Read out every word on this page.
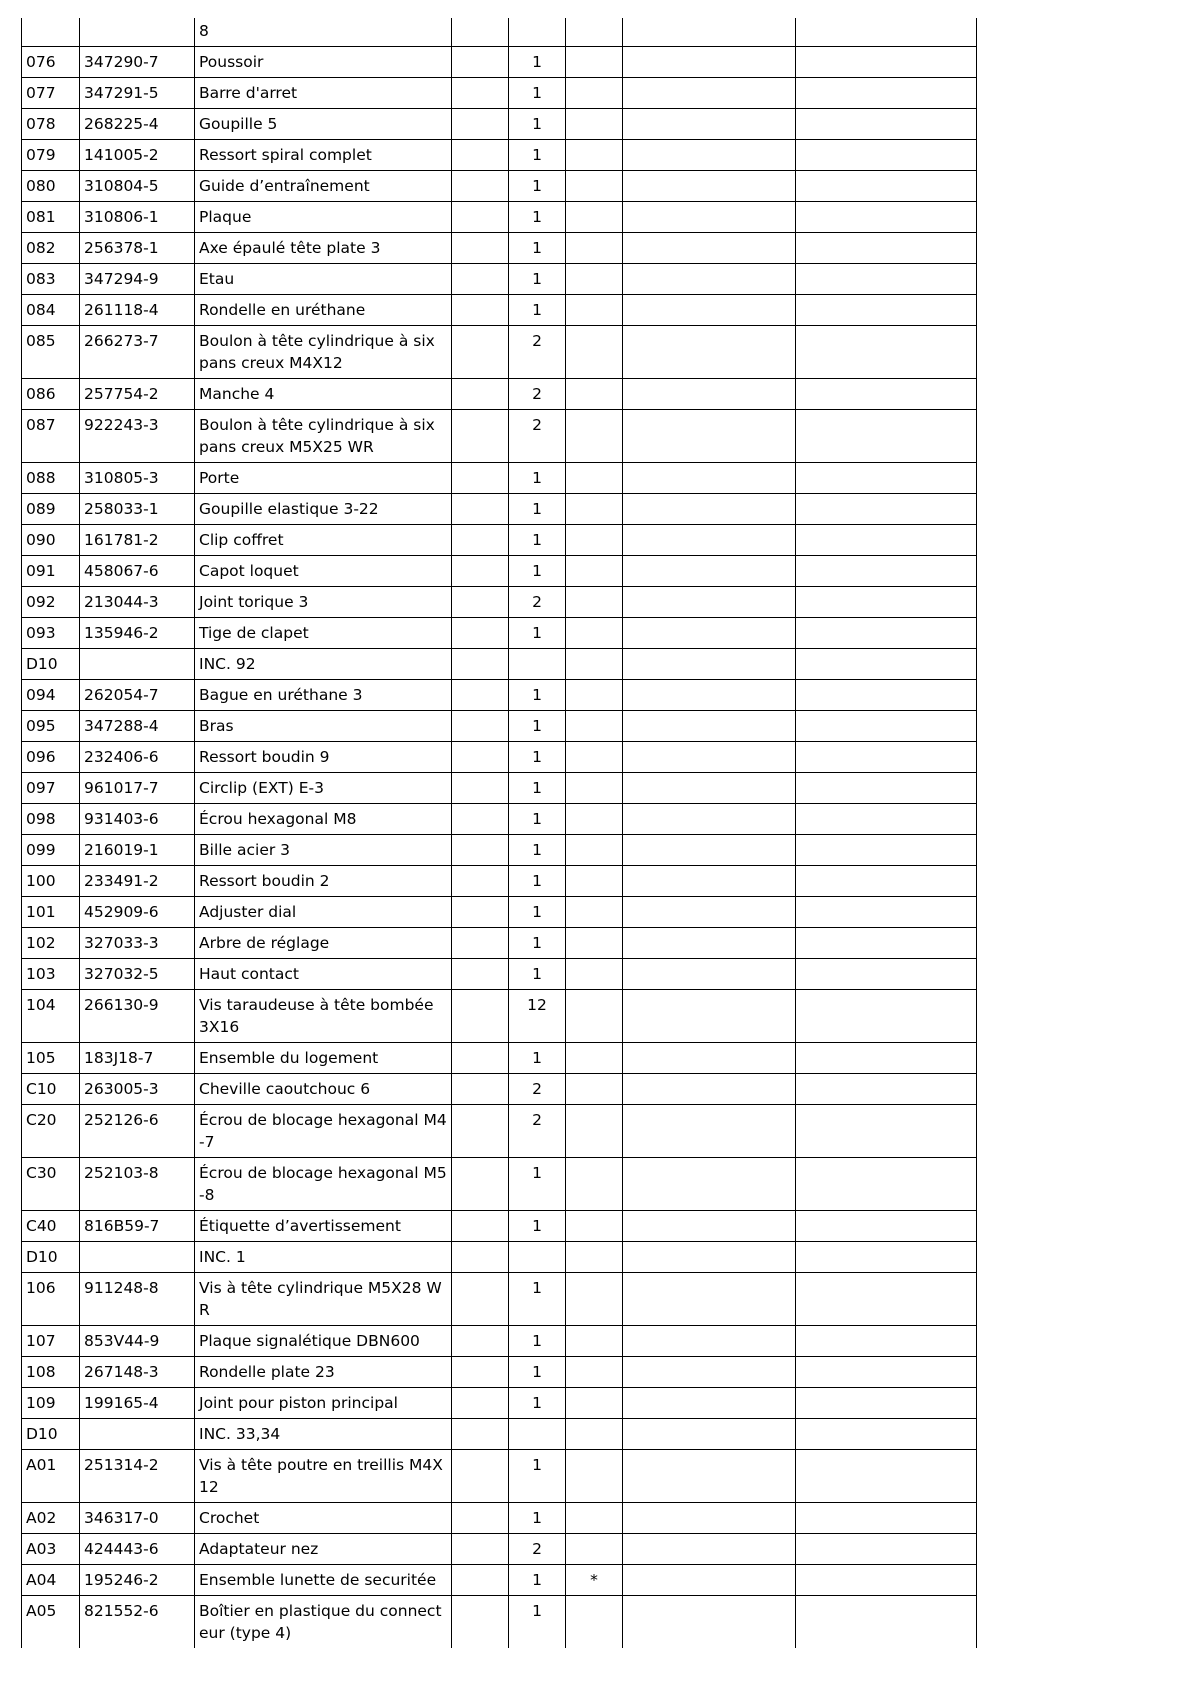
		8					
076	347290-7	Poussoir		1			
077	347291-5	Barre d'arret		1			
078	268225-4	Goupille 5		1			
079	141005-2	Ressort spiral complet		1			
080	310804-5	Guide d’entraînement		1			
081	310806-1	Plaque		1			
082	256378-1	Axe épaulé tête plate 3		1			
083	347294-9	Etau		1			
084	261118-4	Rondelle en uréthane		1			
085	266273-7	Boulon à tête cylindrique à six pans creux M4X12		2			
086	257754-2	Manche 4		2			
087	922243-3	Boulon à tête cylindrique à six pans creux M5X25 WR		2			
088	310805-3	Porte		1			
089	258033-1	Goupille elastique 3-22		1			
090	161781-2	Clip coffret		1			
091	458067-6	Capot loquet		1			
092	213044-3	Joint torique 3		2			
093	135946-2	Tige de clapet		1			
D10		INC. 92					
094	262054-7	Bague en uréthane 3		1			
095	347288-4	Bras		1			
096	232406-6	Ressort boudin 9		1			
097	961017-7	Circlip (EXT) E-3		1			
098	931403-6	Écrou hexagonal M8		1			
099	216019-1	Bille acier 3		1			
100	233491-2	Ressort boudin 2		1			
101	452909-6	Adjuster dial		1			
102	327033-3	Arbre de réglage		1			
103	327032-5	Haut contact		1			
104	266130-9	Vis taraudeuse à tête bombée 3X16		12			
105	183J18-7	Ensemble du logement		1			
C10	263005-3	Cheville caoutchouc 6		2			
C20	252126-6	Écrou de blocage hexagonal M4-7		2			
C30	252103-8	Écrou de blocage hexagonal M5-8		1			
C40	816B59-7	Étiquette d’avertissement		1			
D10		INC. 1					
106	911248-8	Vis à tête cylindrique M5X28 WR		1			
107	853V44-9	Plaque signalétique DBN600		1			
108	267148-3	Rondelle plate 23		1			
109	199165-4	Joint pour piston principal		1			
D10		INC. 33,34					
A01	251314-2	Vis à tête poutre en treillis M4X12		1			
A02	346317-0	Crochet		1			
A03	424443-6	Adaptateur nez		2			
A04	195246-2	Ensemble lunette de securitée		1	*		
A05	821552-6	Boîtier en plastique du connecteur (type 4)		1			
